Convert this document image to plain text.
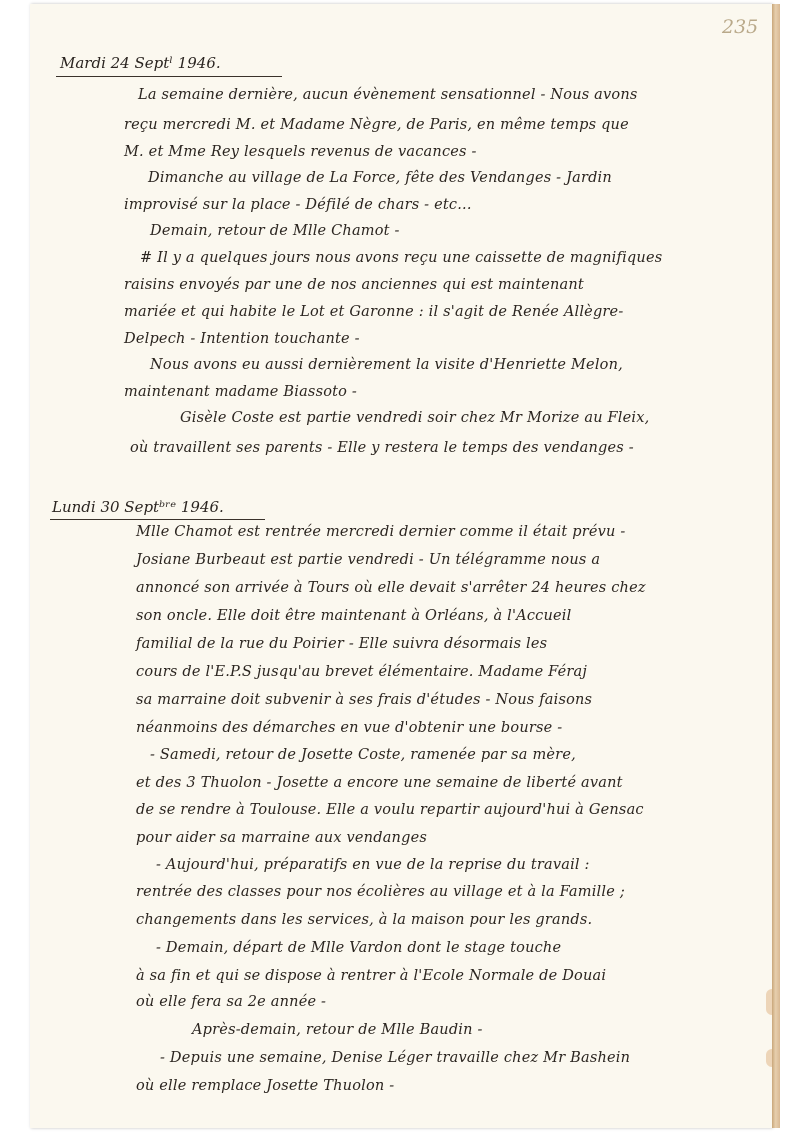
235
Mardi 24 Septˡ 1946.
La semaine dernière, aucun évènement sensationnel - Nous avons
reçu mercredi M. et Madame Nègre, de Paris, en même temps que
M. et Mme Rey lesquels revenus de vacances -
Dimanche au village de La Force, fête des Vendanges - Jardin
improvisé sur la place - Défilé de chars - etc...
Demain, retour de Mlle Chamot -
# Il y a quelques jours nous avons reçu une caissette de magnifiques
raisins envoyés par une de nos anciennes qui est maintenant
mariée et qui habite le Lot et Garonne : il s'agit de Renée Allègre-
Delpech - Intention touchante -
Nous avons eu aussi dernièrement la visite d'Henriette Melon,
maintenant madame Biassoto -
Gisèle Coste est partie vendredi soir chez Mr Morize au Fleix,
où travaillent ses parents - Elle y restera le temps des vendanges -
Lundi 30 Septᵇʳᵉ 1946.
Mlle Chamot est rentrée mercredi dernier comme il était prévu -
Josiane Burbeaut est partie vendredi - Un télégramme nous a
annoncé son arrivée à Tours où elle devait s'arrêter 24 heures chez
son oncle. Elle doit être maintenant à Orléans, à l'Accueil
familial de la rue du Poirier - Elle suivra désormais les
cours de l'E.P.S jusqu'au brevet élémentaire. Madame Féraj
sa marraine doit subvenir à ses frais d'études - Nous faisons
néanmoins des démarches en vue d'obtenir une bourse -
- Samedi, retour de Josette Coste, ramenée par sa mère,
et des 3 Thuolon - Josette a encore une semaine de liberté avant
de se rendre à Toulouse. Elle a voulu repartir aujourd'hui à Gensac
pour aider sa marraine aux vendanges
- Aujourd'hui, préparatifs en vue de la reprise du travail :
rentrée des classes pour nos écolières au village et à la Famille ;
changements dans les services, à la maison pour les grands.
- Demain, départ de Mlle Vardon dont le stage touche
à sa fin et qui se dispose à rentrer à l'Ecole Normale de Douai
où elle fera sa 2e année -
Après-demain, retour de Mlle Baudin -
- Depuis une semaine, Denise Léger travaille chez Mr Bashein
où elle remplace Josette Thuolon -
